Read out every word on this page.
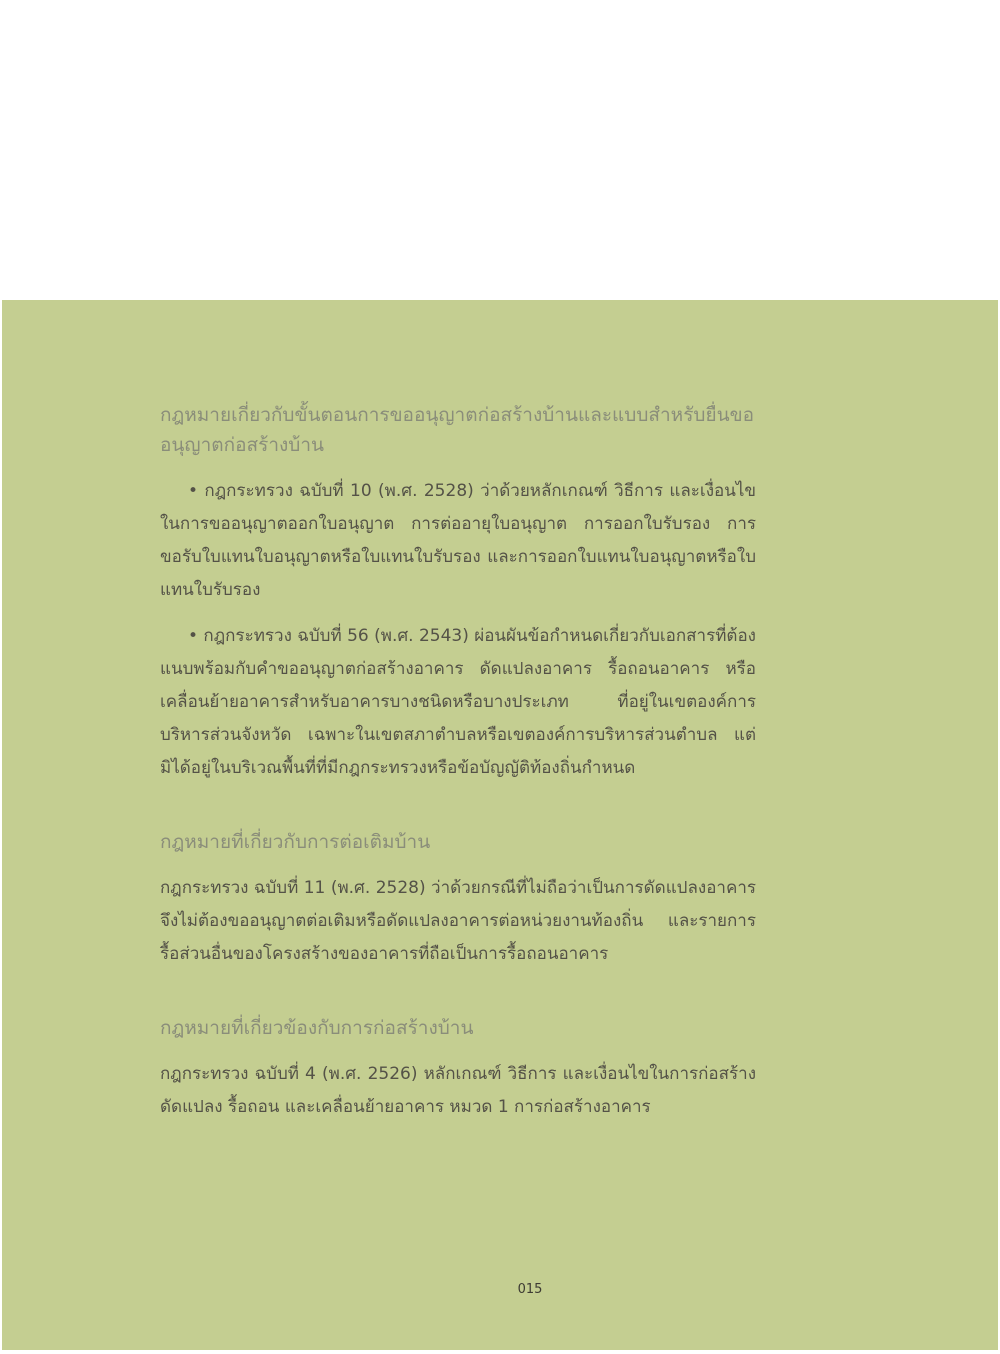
กฎหมายเกี่ยวกับขั้นตอนการขออนุญาตก่อสร้างบ้านและแบบสำหรับยื่นขออนุญาตก่อสร้างบ้าน

• กฎกระทรวง ฉบับที่ 10 (พ.ศ. 2528) ว่าด้วยหลักเกณฑ์ วิธีการ และเงื่อนไขในการขออนุญาตออกใบอนุญาต การต่ออายุใบอนุญาต การออกใบรับรอง การขอรับใบแทนใบอนุญาตหรือใบแทนใบรับรอง และการออกใบแทนใบอนุญาตหรือใบแทนใบรับรอง

• กฎกระทรวง ฉบับที่ 56 (พ.ศ. 2543) ผ่อนผันข้อกำหนดเกี่ยวกับเอกสารที่ต้องแนบพร้อมกับคำขออนุญาตก่อสร้างอาคาร ดัดแปลงอาคาร รื้อถอนอาคาร หรือเคลื่อนย้ายอาคารสำหรับอาคารบางชนิดหรือบางประเภท ที่อยู่ในเขตองค์การบริหารส่วนจังหวัด เฉพาะในเขตสภาตำบลหรือเขตองค์การบริหารส่วนตำบล แต่มิได้อยู่ในบริเวณพื้นที่ที่มีกฎกระทรวงหรือข้อบัญญัติท้องถิ่นกำหนด

กฎหมายที่เกี่ยวกับการต่อเติมบ้าน

กฎกระทรวง ฉบับที่ 11 (พ.ศ. 2528) ว่าด้วยกรณีที่ไม่ถือว่าเป็นการดัดแปลงอาคาร จึงไม่ต้องขออนุญาตต่อเติมหรือดัดแปลงอาคารต่อหน่วยงานท้องถิ่น และรายการรื้อส่วนอื่นของโครงสร้างของอาคารที่ถือเป็นการรื้อถอนอาคาร

กฎหมายที่เกี่ยวข้องกับการก่อสร้างบ้าน

กฎกระทรวง ฉบับที่ 4 (พ.ศ. 2526) หลักเกณฑ์ วิธีการ และเงื่อนไขในการก่อสร้าง ดัดแปลง รื้อถอน และเคลื่อนย้ายอาคาร หมวด 1 การก่อสร้างอาคาร

015
